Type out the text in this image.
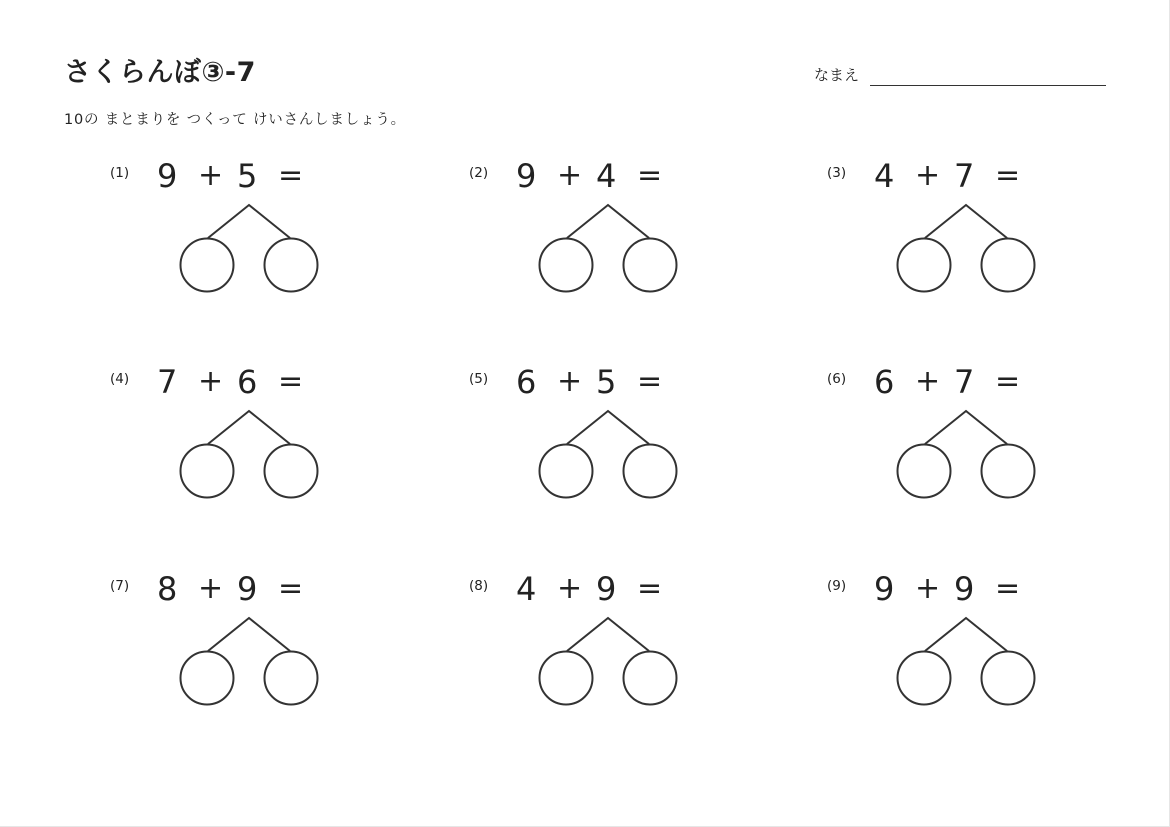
さくらんぼ③-7	なまえ
10の まとまりを つくって けいさんしましょう。
(1) 9 + 5 =	(2) 9 + 4 =	(3) 4 + 7 =
(4) 7 + 6 =	(5) 6 + 5 =	(6) 6 + 7 =
(7) 8 + 9 =	(8) 4 + 9 =	(9) 9 + 9 =
